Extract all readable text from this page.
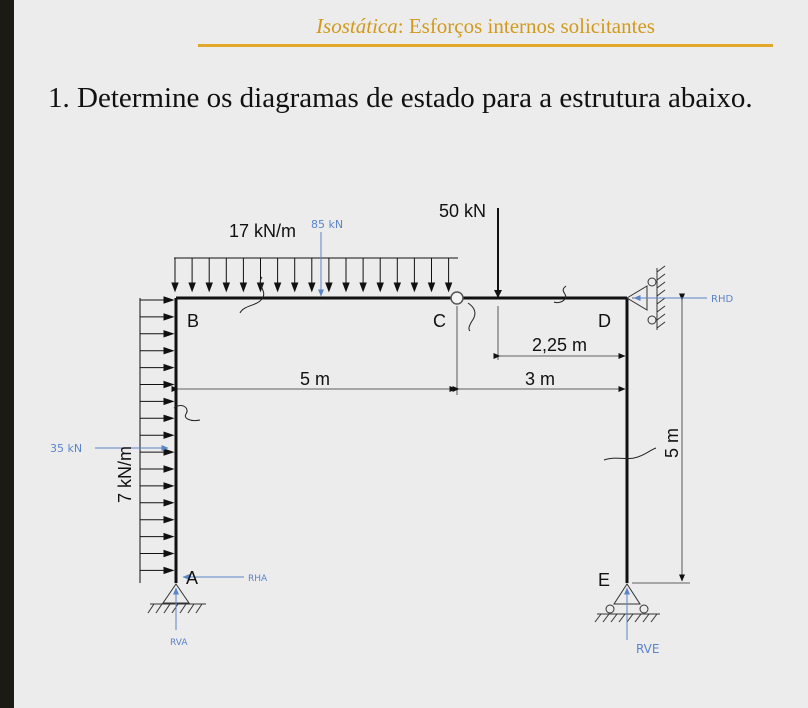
Isostática: Esforços internos solicitantes
1. Determine os diagramas de estado para a estrutura abaixo.
A
B	C	D
E
17 kN/m
50 kN
7 kN/m
5 m	3 m
2,25 m
5 m
85 kN
35 kN
RHA
RVA
RHD
RVE
